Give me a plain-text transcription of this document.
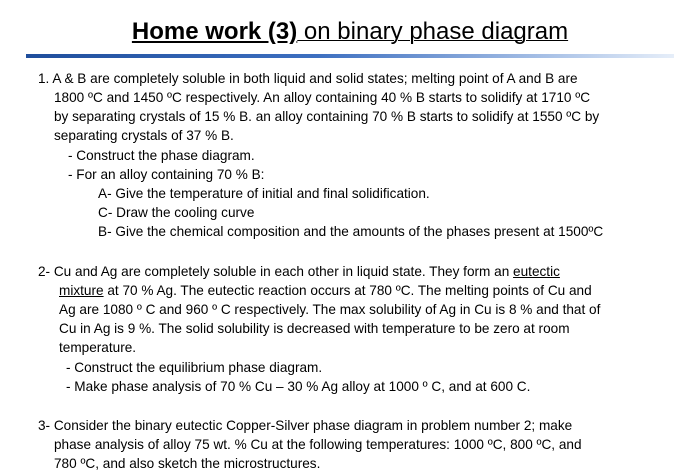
Home work (3) on binary phase diagram
1. A & B are completely soluble in both liquid and solid states; melting point of A and B are
1800 ºC and 1450 ºC respectively. An alloy containing 40 % B starts to solidify at 1710 ºC
by separating crystals of 15 % B. an alloy containing 70 % B starts to solidify at 1550 ºC by
separating crystals of 37 % B.
- Construct the phase diagram.
- For an alloy containing 70 % B:
A- Give the temperature of initial and final solidification.
C- Draw the cooling curve
B- Give the chemical composition and the amounts of the phases present at 1500ºC
2- Cu and Ag are completely soluble in each other in liquid state. They form an eutectic
mixture at 70 % Ag. The eutectic reaction occurs at 780 ºC. The melting points of Cu and
Ag are 1080 º C and 960 º C respectively. The max solubility of Ag in Cu is 8 % and that of
Cu in Ag is 9 %. The solid solubility is decreased with temperature to be zero at room
temperature.
- Construct the equilibrium phase diagram.
- Make phase analysis of 70 % Cu – 30 % Ag alloy at 1000 º C, and at 600 C.
3- Consider the binary eutectic Copper-Silver phase diagram in problem number 2; make
phase analysis of alloy 75 wt. % Cu at the following temperatures: 1000 ºC, 800 ºC, and
780 ºC, and also sketch the microstructures.
